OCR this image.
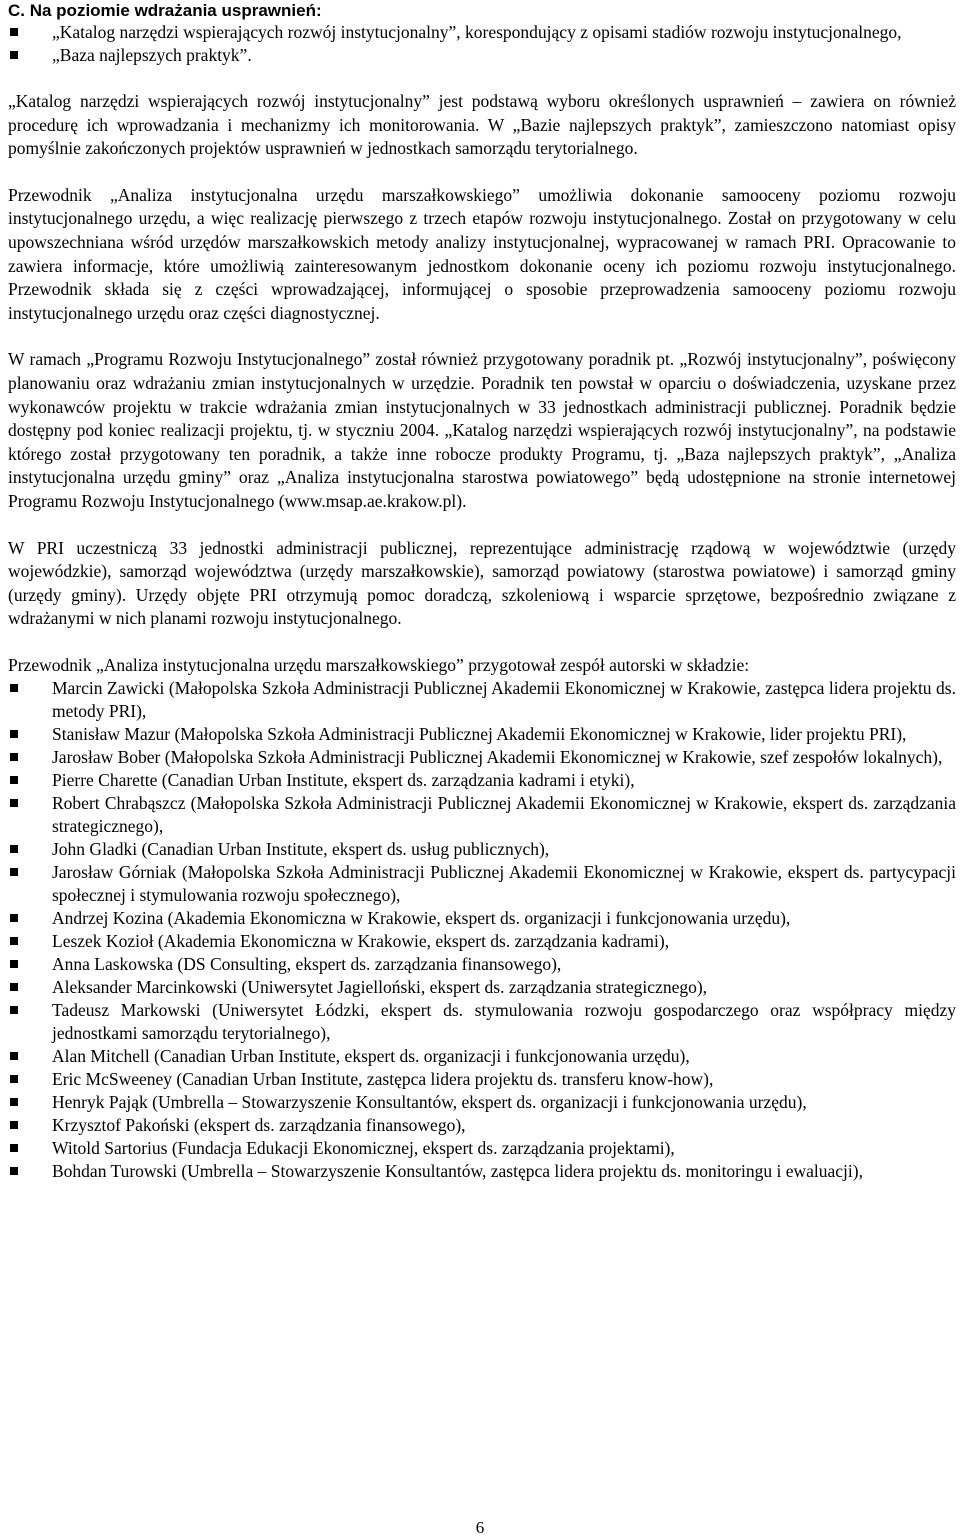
C. Na poziomie wdrażania usprawnień:
„Katalog narzędzi wspierających rozwój instytucjonalny”, korespondujący z opisami stadiów rozwoju instytucjonalnego,
„Baza najlepszych praktyk”.

„Katalog narzędzi wspierających rozwój instytucjonalny” jest podstawą wyboru określonych usprawnień – zawiera on również procedurę ich wprowadzania i mechanizmy ich monitorowania. W „Bazie najlepszych praktyk”, zamieszczono natomiast opisy pomyślnie zakończonych projektów usprawnień w jednostkach samorządu terytorialnego.

Przewodnik „Analiza instytucjonalna urzędu marszałkowskiego” umożliwia dokonanie samooceny poziomu rozwoju instytucjonalnego urzędu, a więc realizację pierwszego z trzech etapów rozwoju instytucjonalnego. Został on przygotowany w celu upowszechniana wśród urzędów marszałkowskich metody analizy instytucjonalnej, wypracowanej w ramach PRI. Opracowanie to zawiera informacje, które umożliwią zainteresowanym jednostkom dokonanie oceny ich poziomu rozwoju instytucjonalnego. Przewodnik składa się z części wprowadzającej, informującej o sposobie przeprowadzenia samooceny poziomu rozwoju instytucjonalnego urzędu oraz części diagnostycznej.

W ramach „Programu Rozwoju Instytucjonalnego” został również przygotowany poradnik pt. „Rozwój instytucjonalny”, poświęcony planowaniu oraz wdrażaniu zmian instytucjonalnych w urzędzie. Poradnik ten powstał w oparciu o doświadczenia, uzyskane przez wykonawców projektu w trakcie wdrażania zmian instytucjonalnych w 33 jednostkach administracji publicznej. Poradnik będzie dostępny pod koniec realizacji projektu, tj. w styczniu 2004. „Katalog narzędzi wspierających rozwój instytucjonalny”, na podstawie którego został przygotowany ten poradnik, a także inne robocze produkty Programu, tj. „Baza najlepszych praktyk”, „Analiza instytucjonalna urzędu gminy” oraz „Analiza instytucjonalna starostwa powiatowego” będą udostępnione na stronie internetowej Programu Rozwoju Instytucjonalnego (www.msap.ae.krakow.pl).

W PRI uczestniczą 33 jednostki administracji publicznej, reprezentujące administrację rządową w województwie (urzędy wojewódzkie), samorząd województwa (urzędy marszałkowskie), samorząd powiatowy (starostwa powiatowe) i samorząd gminy (urzędy gminy). Urzędy objęte PRI otrzymują pomoc doradczą, szkoleniową i wsparcie sprzętowe, bezpośrednio związane z wdrażanymi w nich planami rozwoju instytucjonalnego.

Przewodnik „Analiza instytucjonalna urzędu marszałkowskiego” przygotował zespół autorski w składzie:

Marcin Zawicki (Małopolska Szkoła Administracji Publicznej Akademii Ekonomicznej w Krakowie, zastępca lidera projektu ds. metody PRI),
Stanisław Mazur (Małopolska Szkoła Administracji Publicznej Akademii Ekonomicznej w Krakowie, lider projektu PRI),
Jarosław Bober (Małopolska Szkoła Administracji Publicznej Akademii Ekonomicznej w Krakowie, szef zespołów lokalnych),
Pierre Charette (Canadian Urban Institute, ekspert ds. zarządzania kadrami i etyki),
Robert Chrabąszcz (Małopolska Szkoła Administracji Publicznej Akademii Ekonomicznej w Krakowie, ekspert ds. zarządzania strategicznego),
John Gladki (Canadian Urban Institute, ekspert ds. usług publicznych),
Jarosław Górniak (Małopolska Szkoła Administracji Publicznej Akademii Ekonomicznej w Krakowie, ekspert ds. partycypacji społecznej i stymulowania rozwoju społecznego),
Andrzej Kozina (Akademia Ekonomiczna w Krakowie, ekspert ds. organizacji i funkcjonowania urzędu),
Leszek Kozioł (Akademia Ekonomiczna w Krakowie, ekspert ds. zarządzania kadrami),
Anna Laskowska (DS Consulting, ekspert ds. zarządzania finansowego),
Aleksander Marcinkowski (Uniwersytet Jagielloński, ekspert ds. zarządzania strategicznego),
Tadeusz Markowski (Uniwersytet Łódzki, ekspert ds. stymulowania rozwoju gospodarczego oraz współpracy między jednostkami samorządu terytorialnego),
Alan Mitchell (Canadian Urban Institute, ekspert ds. organizacji i funkcjonowania urzędu),
Eric McSweeney (Canadian Urban Institute, zastępca lidera projektu ds. transferu know-how),
Henryk Pająk (Umbrella – Stowarzyszenie Konsultantów, ekspert ds. organizacji i funkcjonowania urzędu),
Krzysztof Pakoński (ekspert ds. zarządzania finansowego),
Witold Sartorius (Fundacja Edukacji Ekonomicznej, ekspert ds. zarządzania projektami),
Bohdan Turowski (Umbrella – Stowarzyszenie Konsultantów, zastępca lidera projektu ds. monitoringu i ewaluacji),
6
